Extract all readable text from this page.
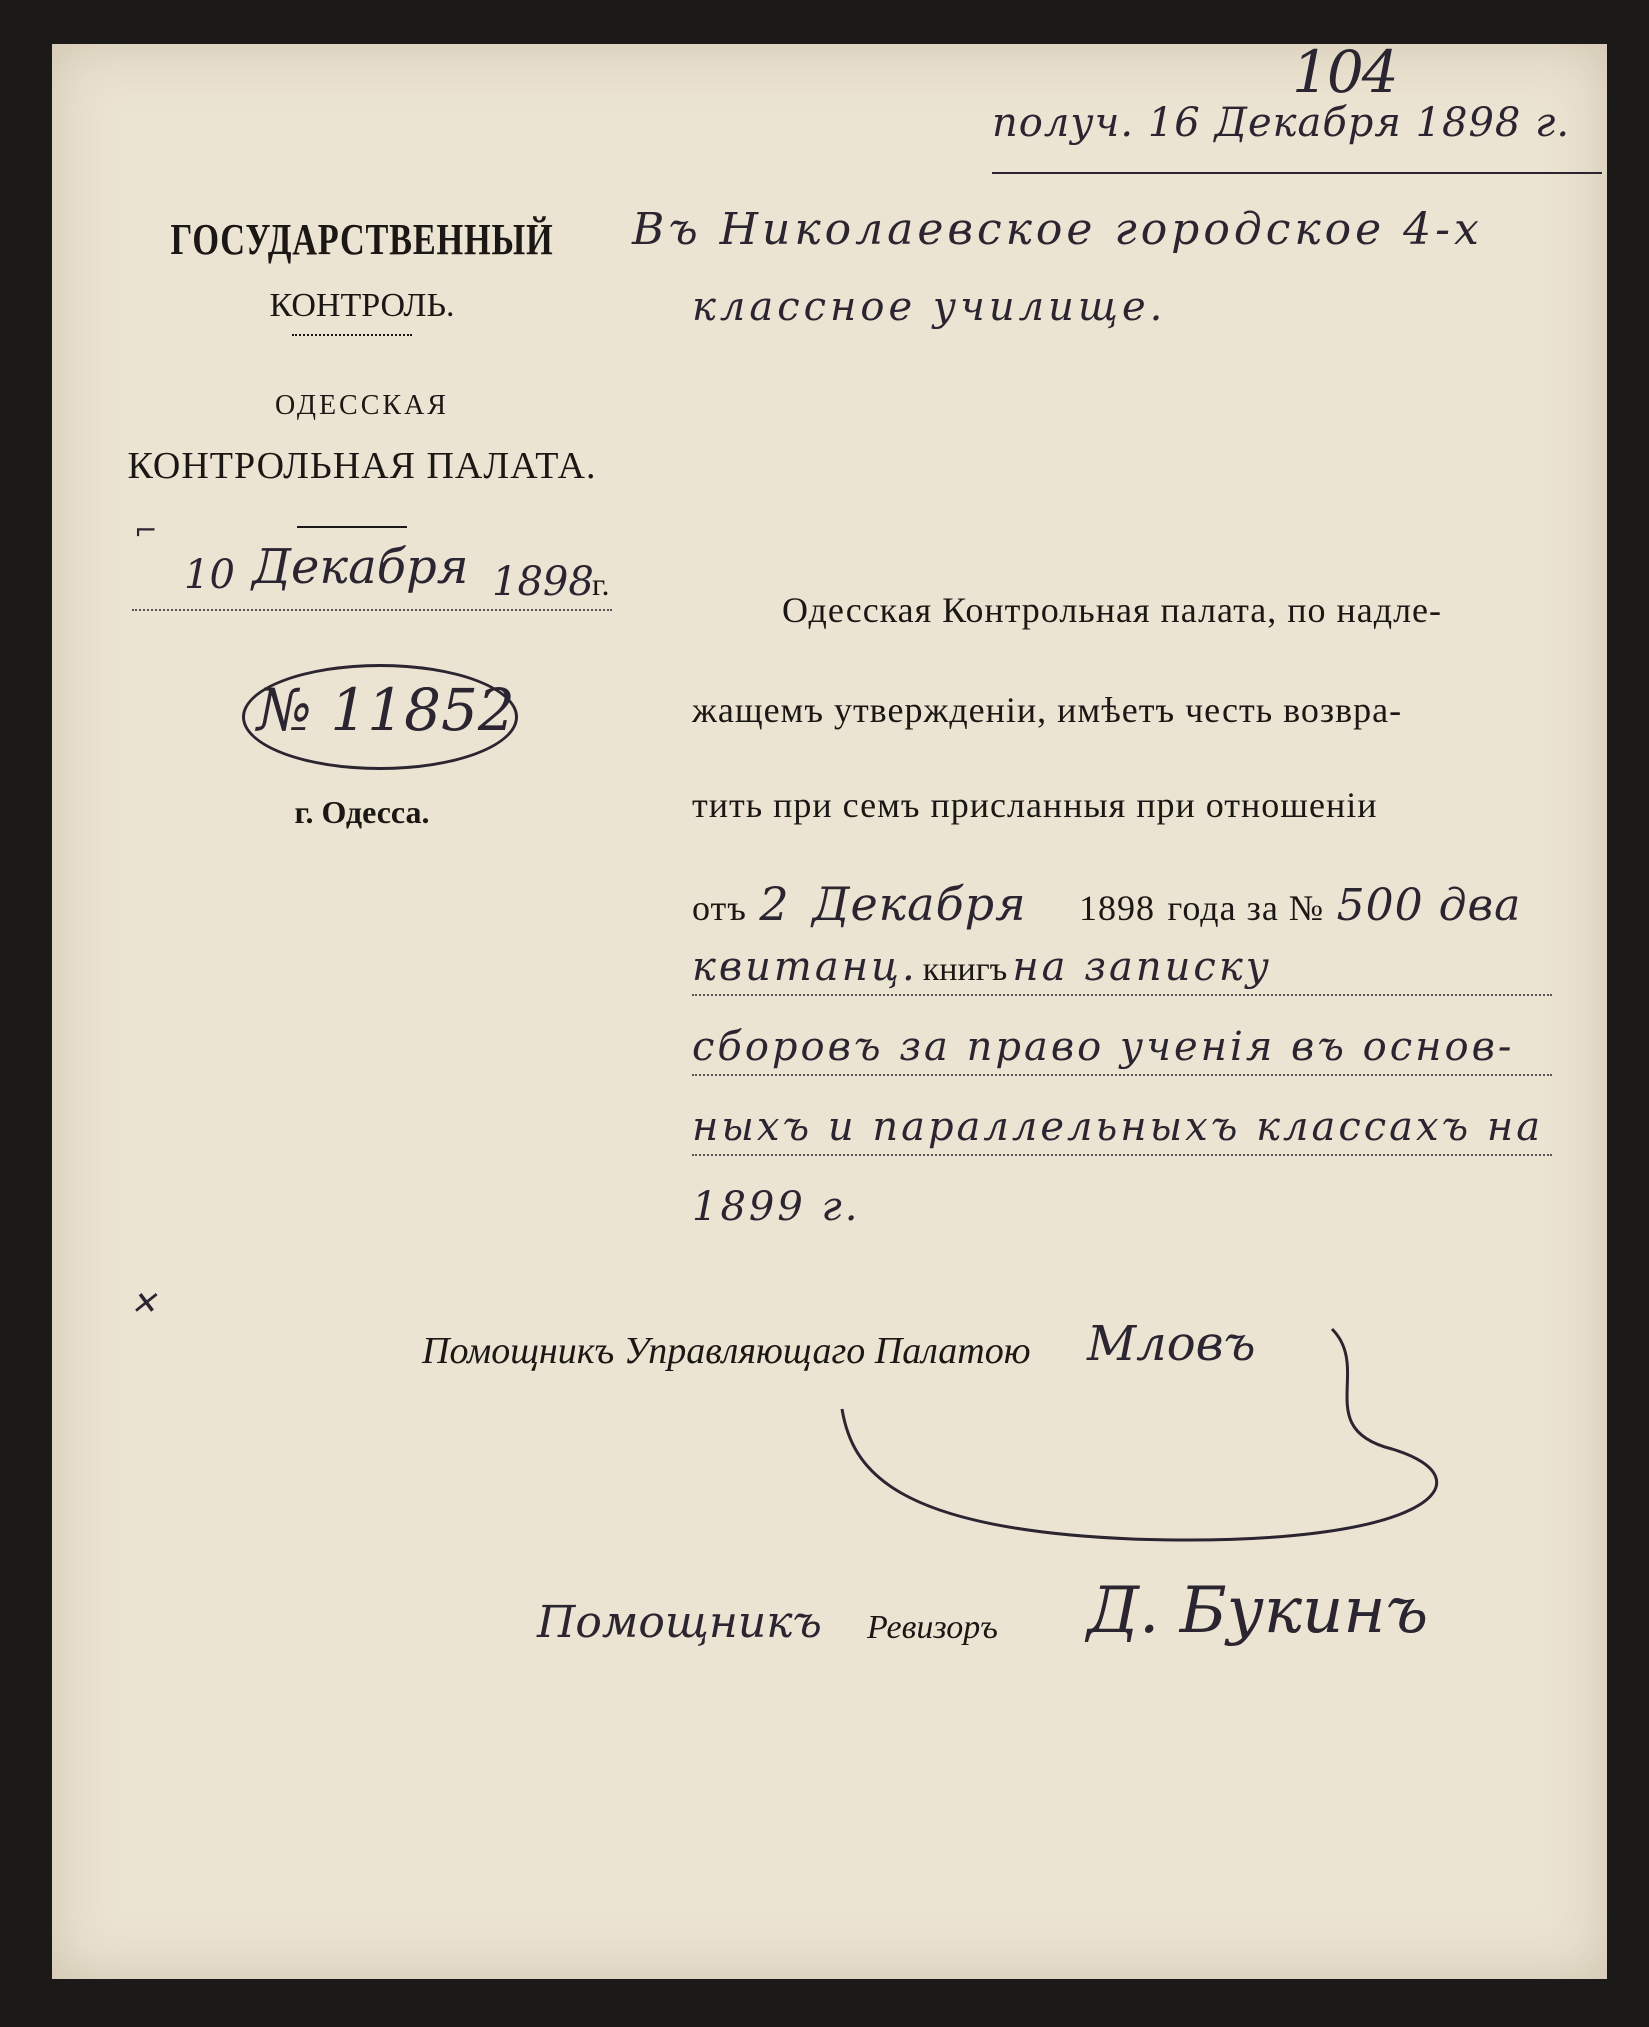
104
получ. 16 Декабря 1898 г.
Въ Николаевское городское 4-х
классное училище.
ГОСУДАРСТВЕННЫЙ
КОНТРОЛЬ.
ОДЕССКАЯ
КОНТРОЛЬНАЯ ПАЛАТА.
⌐
10 Декабря 1898
г.
№ 11852
г. Одесса.
Одесская Контрольная палата, по надле-
жащемъ утвержденіи, имѣетъ честь возвра-
тить при семъ присланныя при отношеніи
отъ 2 Декабря 1898 года за № 500 два
квитанц. книгъ на записку
сборовъ за право ученія въ основ-
ныхъ и параллельныхъ классахъ на
1899 г.
✕
Помощникъ Управляющаго Палатою Мловъ
Помощникъ Ревизоръ Д. Букинъ
